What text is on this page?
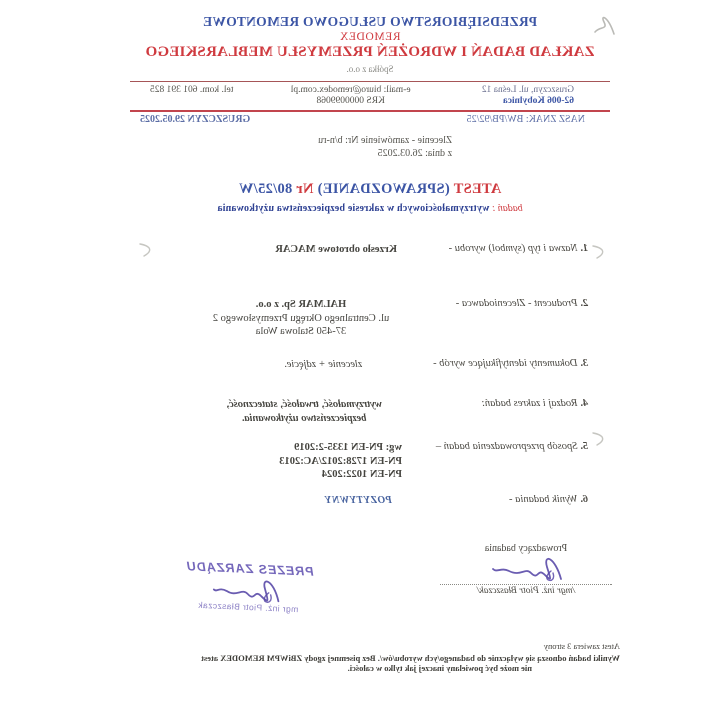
PRZEDSIĘBIORSTWO USŁUGOWO REMONTOWE
REMODEX
ZAKŁAD BADAŃ I WDROŻEŃ PRZEMYSŁU MEBLARSKIEGO
Spółka z o.o.
Gruszczyn, ul. Leśna 12
62-006 Kobylnica
e-mail: biuro@remodex.com.pl
KRS 0000099068
tel. kom. 601 391 825
NASZ ZNAK: BW/PB/92/25
GRUSZCZYN 29.05.2025
Zlecenie - zamówienie Nr: b/n-ru
z dnia: 26.03.2025
ATEST (SPRAWOZDANIE) Nr 80/25/W
badań : wytrzymałościowych w zakresie bezpieczeństwa użytkowania
1. Nazwa i typ (symbol) wyrobu -
Krzesło obrotowe MACAR
2. Producent - Zleceniodawca -
HALMAR Sp. z o.o.
ul. Centralnego Okręgu Przemysłowego 2
37-450 Stalowa Wola
3. Dokumenty identyfikujące wyrób -
zlecenie + zdjęcie.
4. Rodzaj i zakres badań:
wytrzymałość, trwałość, stateczność,
bezpieczeństwo użytkowania.
5. Sposób przeprowadzenia badań –
wg: PN-EN 1335-2:2019
PN-EN 1728:2012/AC:2013
PN-EN 1022:2024
6. Wynik badania -
POZYTYWNY
Prowadzący badania
/mgr inż. Piotr Błaszczak/
PREZES ZARZĄDU
mgr inż. Piotr Błaszczak
Atest zawiera 3 strony
Wyniki badań odnoszą się wyłącznie do badanego/ych wyrobu/ów/. Bez pisemnej zgody ZBiWPM REMODEX atest
nie może być powielany inaczej jak tylko w całości.
